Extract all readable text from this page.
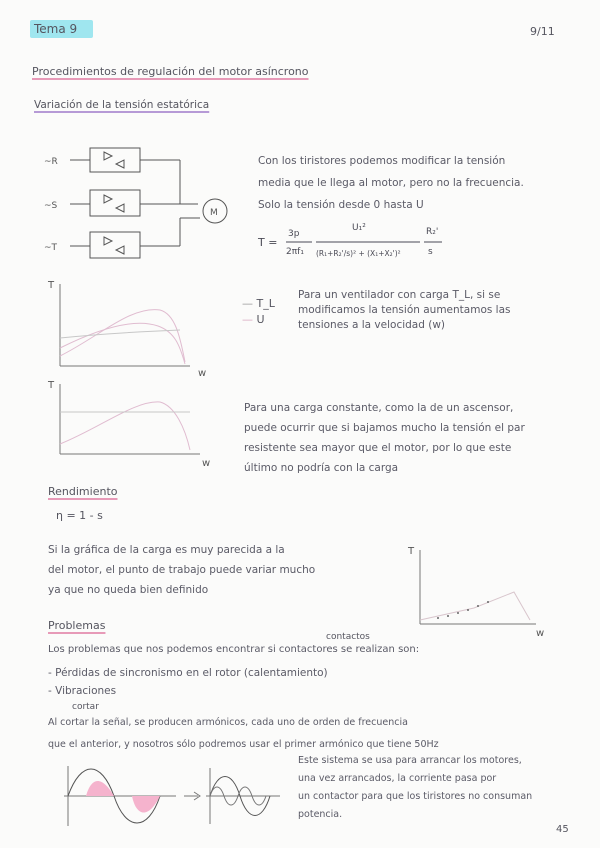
Tema 9	9/11
Procedimientos de regulación del motor asíncrono
Variación de la tensión estatórica
~R
~S
~T
M
Con los tiristores podemos modificar la tensión
media que le llega al motor, pero no la frecuencia.
Solo la tensión desde 0 hasta U
T =
3p
2πf₁
U₁²
(R₁+R₂'/s)² + (X₁+X₂')²
R₂'
s
T
w
— T_L
— U
Para un ventilador con carga T_L, si se
modificamos la tensión aumentamos las
tensiones a la velocidad (w)
T
w
Para una carga constante, como la de un ascensor,
puede ocurrir que si bajamos mucho la tensión el par
resistente sea mayor que el motor, por lo que este
último no podría con la carga
Rendimiento
η = 1 - s
Si la gráfica de la carga es muy parecida a la
del motor, el punto de trabajo puede variar mucho
ya que no queda bien definido
T
w
Problemas
contactos
Los problemas que nos podemos encontrar si contactores se realizan son:
- Pérdidas de sincronismo en el rotor (calentamiento)
- Vibraciones
cortar
Al cortar la señal, se producen armónicos, cada uno de orden de frecuencia
que el anterior, y nosotros sólo podremos usar el primer armónico que tiene 50Hz
Este sistema se usa para arrancar los motores,
una vez arrancados, la corriente pasa por
un contactor para que los tiristores no consuman
potencia.
45
